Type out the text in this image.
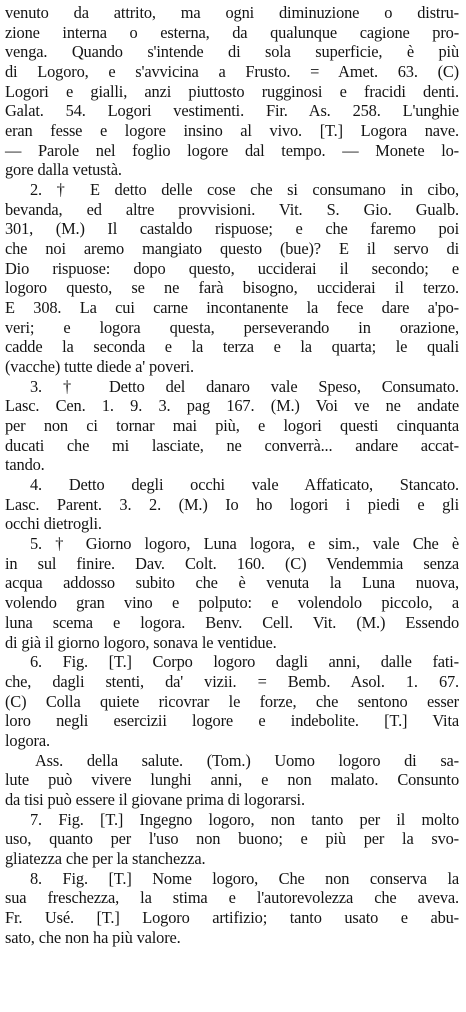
venuto da attrito, ma ogni diminuzione o distru-
zione interna o esterna, da qualunque cagione pro-
venga. Quando s'intende di sola superficie, è più
di Logoro, e s'avvicina a Frusto. = Amet. 63. (C)
Logori e gialli, anzi piuttosto rugginosi e fracidi denti.
Galat. 54. Logori vestimenti. Fir. As. 258. L'unghie
eran fesse e logore insino al vivo. [T.] Logora nave.
— Parole nel foglio logore dal tempo. — Monete lo-
gore dalla vetustà.
2. † E detto delle cose che si consumano in cibo,
bevanda, ed altre provvisioni. Vit. S. Gio. Gualb.
301, (M.) Il castaldo rispuose; e che faremo poi
che noi aremo mangiato questo (bue)? E il servo di
Dio rispuose: dopo questo, ucciderai il secondo; e
logoro questo, se ne farà bisogno, ucciderai il terzo.
E 308. La cui carne incontanente la fece dare a'po-
veri; e logora questa, perseverando in orazione,
cadde la seconda e la terza e la quarta; le quali
(vacche) tutte diede a' poveri.
3. † Detto del danaro vale Speso, Consumato.
Lasc. Cen. 1. 9. 3. pag 167. (M.) Voi ve ne andate
per non ci tornar mai più, e logori questi cinquanta
ducati che mi lasciate, ne converrà... andare accat-
tando.
4. Detto degli occhi vale Affaticato, Stancato.
Lasc. Parent. 3. 2. (M.) Io ho logori i piedi e gli
occhi dietrogli.
5. † Giorno logoro, Luna logora, e sim., vale Che è
in sul finire. Dav. Colt. 160. (C) Vendemmia senza
acqua addosso subito che è venuta la Luna nuova,
volendo gran vino e polputo: e volendolo piccolo, a
luna scema e logora. Benv. Cell. Vit. (M.) Essendo
di già il giorno logoro, sonava le ventidue.
6. Fig. [T.] Corpo logoro dagli anni, dalle fati-
che, dagli stenti, da' vizii. = Bemb. Asol. 1. 67.
(C) Colla quiete ricovrar le forze, che sentono esser
loro negli esercizii logore e indebolite. [T.] Vita
logora.
Ass. della salute. (Tom.) Uomo logoro di sa-
lute può vivere lunghi anni, e non malato. Consunto
da tisi può essere il giovane prima di logorarsi.
7. Fig. [T.] Ingegno logoro, non tanto per il molto
uso, quanto per l'uso non buono; e più per la svo-
gliatezza che per la stanchezza.
8. Fig. [T.] Nome logoro, Che non conserva la
sua freschezza, la stima e l'autorevolezza che aveva.
Fr. Usé. [T.] Logoro artifizio; tanto usato e abu-
sato, che non ha più valore.
